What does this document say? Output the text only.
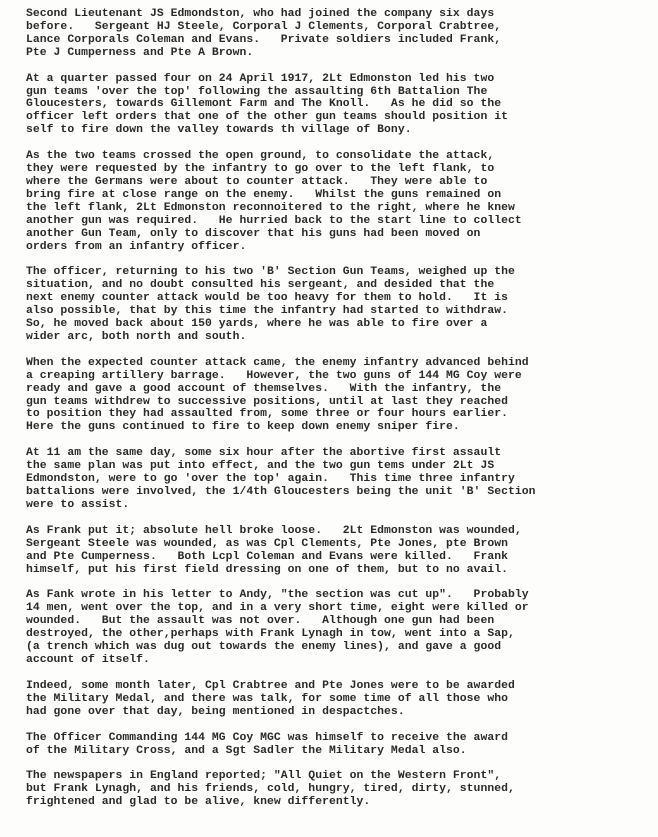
Second Lieutenant JS Edmondston, who had joined the company six days
before.   Sergeant HJ Steele, Corporal J Clements, Corporal Crabtree,
Lance Corporals Coleman and Evans.   Private soldiers included Frank,
Pte J Cumperness and Pte A Brown.

At a quarter passed four on 24 April 1917, 2Lt Edmonston led his two
gun teams 'over the top' following the assaulting 6th Battalion The
Gloucesters, towards Gillemont Farm and The Knoll.   As he did so the
officer left orders that one of the other gun teams should position it
self to fire down the valley towards th village of Bony.

As the two teams crossed the open ground, to consolidate the attack,
they were requested by the infantry to go over to the left flank, to
where the Germans were about to counter attack.   They were able to
bring fire at close range on the enemy.   Whilst the guns remained on
the left flank, 2Lt Edmonston reconnoitered to the right, where he knew
another gun was required.   He hurried back to the start line to collect
another Gun Team, only to discover that his guns had been moved on
orders from an infantry officer.

The officer, returning to his two 'B' Section Gun Teams, weighed up the
situation, and no doubt consulted his sergeant, and desided that the
next enemy counter attack would be too heavy for them to hold.   It is
also possible, that by this time the infantry had started to withdraw.
So, he moved back about 150 yards, where he was able to fire over a
wider arc, both north and south.

When the expected counter attack came, the enemy infantry advanced behind
a creaping artillery barrage.   However, the two guns of 144 MG Coy were
ready and gave a good account of themselves.   With the infantry, the
gun teams withdrew to successive positions, until at last they reached
to position they had assaulted from, some three or four hours earlier.
Here the guns continued to fire to keep down enemy sniper fire.

At 11 am the same day, some six hour after the abortive first assault
the same plan was put into effect, and the two gun tems under 2Lt JS
Edmondston, were to go 'over the top' again.   This time three infantry
battalions were involved, the 1/4th Gloucesters being the unit 'B' Section
were to assist.

As Frank put it; absolute hell broke loose.   2Lt Edmonston was wounded,
Sergeant Steele was wounded, as was Cpl Clements, Pte Jones, pte Brown
and Pte Cumperness.   Both Lcpl Coleman and Evans were killed.   Frank
himself, put his first field dressing on one of them, but to no avail.

As Fank wrote in his letter to Andy, "the section was cut up".   Probably
14 men, went over the top, and in a very short time, eight were killed or
wounded.   But the assault was not over.   Although one gun had been
destroyed, the other,perhaps with Frank Lynagh in tow, went into a Sap,
(a trench which was dug out towards the enemy lines), and gave a good
account of itself.

Indeed, some month later, Cpl Crabtree and Pte Jones were to be awarded
the Military Medal, and there was talk, for some time of all those who
had gone over that day, being mentioned in despactches.

The Officer Commanding 144 MG Coy MGC was himself to receive the award
of the Military Cross, and a Sgt Sadler the Military Medal also.

The newspapers in England reported; "All Quiet on the Western Front",
but Frank Lynagh, and his friends, cold, hungry, tired, dirty, stunned,
frightened and glad to be alive, knew differently.
